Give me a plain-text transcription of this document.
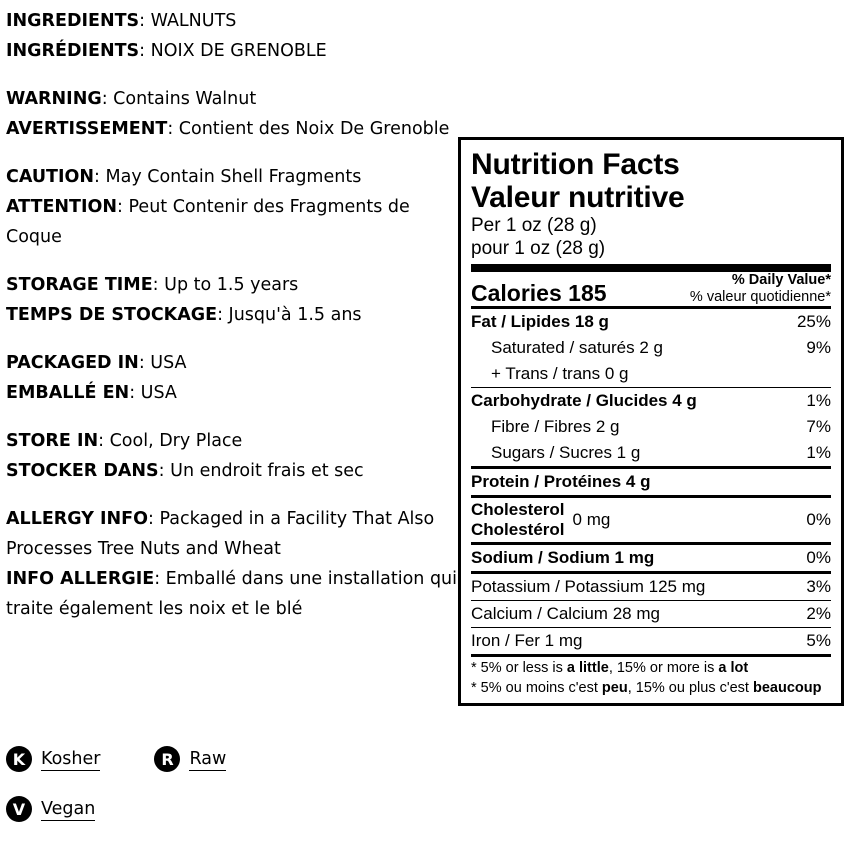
INGREDIENTS: WALNUTS
INGRÉDIENTS: NOIX DE GRENOBLE
WARNING: Contains Walnut
AVERTISSEMENT: Contient des Noix De Grenoble
CAUTION: May Contain Shell Fragments
ATTENTION: Peut Contenir des Fragments de Coque
STORAGE TIME: Up to 1.5 years
TEMPS DE STOCKAGE: Jusqu'à 1.5 ans
PACKAGED IN: USA
EMBALLÉ EN: USA
STORE IN: Cool, Dry Place
STOCKER DANS: Un endroit frais et sec
ALLERGY INFO: Packaged in a Facility That Also Processes Tree Nuts and Wheat
INFO ALLERGIE: Emballé dans une installation qui traite également les noix et le blé
K Kosher	R Raw
V Vegan
Nutrition Facts
Valeur nutritive
Per 1 oz (28 g)
pour 1 oz (28 g)
Calories 185	% Daily Value*
% valeur quotidienne*
Fat / Lipides 18 g	25%
Saturated / saturés 2 g	9%
+ Trans / trans 0 g
Carbohydrate / Glucides 4 g	1%
Fibre / Fibres 2 g	7%
Sugars / Sucres 1 g	1%
Protein / Protéines 4 g
Cholesterol
Cholestérol
0 mg	0%
Sodium / Sodium 1 mg	0%
Potassium / Potassium 125 mg	3%
Calcium / Calcium 28 mg	2%
Iron / Fer 1 mg	5%
* 5% or less is a little, 15% or more is a lot
* 5% ou moins c'est peu, 15% ou plus c'est beaucoup
